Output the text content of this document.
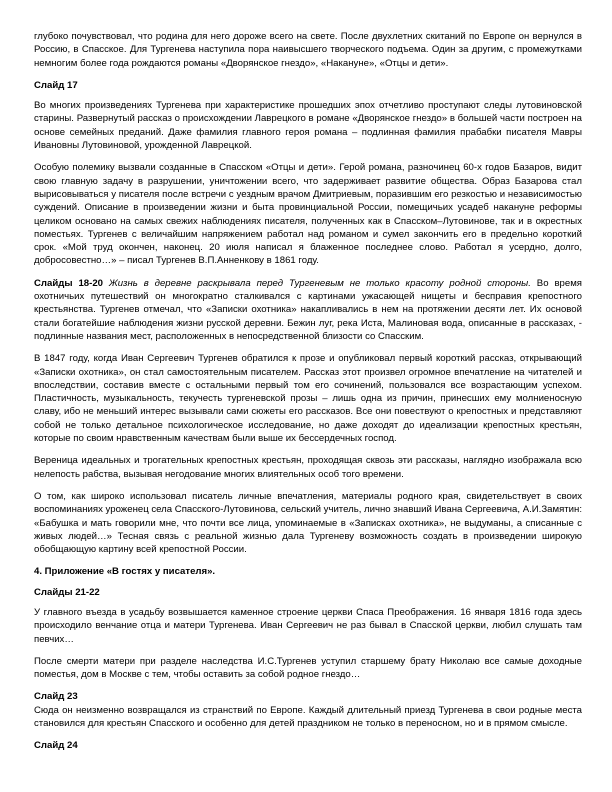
глубоко почувствовал, что родина для него дороже всего на свете. После двухлетних скитаний по Европе он вернулся в Россию, в Спасское. Для Тургенева наступила пора наивысшего творческого подъема. Один за другим, с промежутками немногим более года рождаются романы «Дворянское гнездо», «Накануне», «Отцы и дети».

Слайд 17

Во многих произведениях Тургенева при характеристике прошедших эпох отчетливо проступают следы лутовиновской старины. Развернутый рассказ о происхождении Лаврецкого в романе «Дворянское гнездо» в большей части построен на основе семейных преданий. Даже фамилия главного героя романа – подлинная фамилия прабабки писателя Мавры Ивановны Лутовиновой, урожденной Лаврецкой.

Особую полемику вызвали созданные в Спасском «Отцы и дети». Герой романа, разночинец 60-х годов Базаров, видит свою главную задачу в разрушении, уничтожении всего, что задерживает развитие общества. Образ Базарова стал вырисовываться у писателя после встречи с уездным врачом Дмитриевым, поразившим его резкостью и независимостью суждений. Описание в произведении жизни и быта провинциальной России, помещичьих усадеб накануне реформы целиком основано на самых свежих наблюдениях писателя, полученных как в Спасском–Лутовинове, так и в окрестных поместьях. Тургенев с величайшим напряжением работал над романом и сумел закончить его в предельно короткий срок. «Мой труд окончен, наконец. 20 июля написал я блаженное последнее слово. Работал я усердно, долго, добросовестно…» – писал Тургенев В.П.Анненкову в 1861 году.

Слайды 18-20 Жизнь в деревне раскрывала перед Тургеневым не только красоту родной стороны. Во время охотничьих путешествий он многократно сталкивался с картинами ужасающей нищеты и бесправия крепостного крестьянства. Тургенев отмечал, что «Записки охотника» накапливались в нем на протяжении десяти лет. Их основой стали богатейшие наблюдения жизни русской деревни. Бежин луг, река Иста, Малиновая вода, описанные в рассказах, - подлинные названия мест, расположенных в непосредственной близости со Спасским.

В 1847 году, когда Иван Сергеевич Тургенев обратился к прозе и опубликовал первый короткий рассказ, открывающий «Записки охотника», он стал самостоятельным писателем. Рассказ этот произвел огромное впечатление на читателей и впоследствии, составив вместе с остальными первый том его сочинений, пользовался все возрастающим успехом. Пластичность, музыкальность, текучесть тургеневской прозы – лишь одна из причин, принесших ему молниеносную славу, ибо не меньший интерес вызывали сами сюжеты его рассказов. Все они повествуют о крепостных и представляют собой не только детальное психологическое исследование, но даже доходят до идеализации крепостных крестьян, которые по своим нравственным качествам были выше их бессердечных господ.

Вереница идеальных и трогательных крепостных крестьян, проходящая сквозь эти рассказы, наглядно изображала всю нелепость рабства, вызывая негодование многих влиятельных особ того времени.

О том, как широко использовал писатель личные впечатления, материалы родного края, свидетельствует в своих воспоминаниях уроженец села Спасского-Лутовинова, сельский учитель, лично знавший Ивана Сергеевича, А.И.Замятин: «Бабушка и мать говорили мне, что почти все лица, упоминаемые в «Записках охотника», не выдуманы, а списанные с живых людей…» Тесная связь с реальной жизнью дала Тургеневу возможность создать в произведении широкую обобщающую картину всей крепостной России.

4. Приложение «В гостях у писателя».
Слайды 21-22

У главного въезда в усадьбу возвышается каменное строение церкви Спаса Преображения. 16 января 1816 года здесь происходило венчание отца и матери Тургенева. Иван Сергеевич не раз бывал в Спасской церкви, любил слушать там певчих…

После смерти матери при разделе наследства И.С.Тургенев уступил старшему брату Николаю все самые доходные поместья, дом в Москве с тем, чтобы оставить за собой родное гнездо…

Слайд 23

Сюда он неизменно возвращался из странствий по Европе. Каждый длительный приезд Тургенева в свои родные места становился для крестьян Спасского и особенно для детей праздником не только в переносном, но и в прямом смысле.

Слайд 24
